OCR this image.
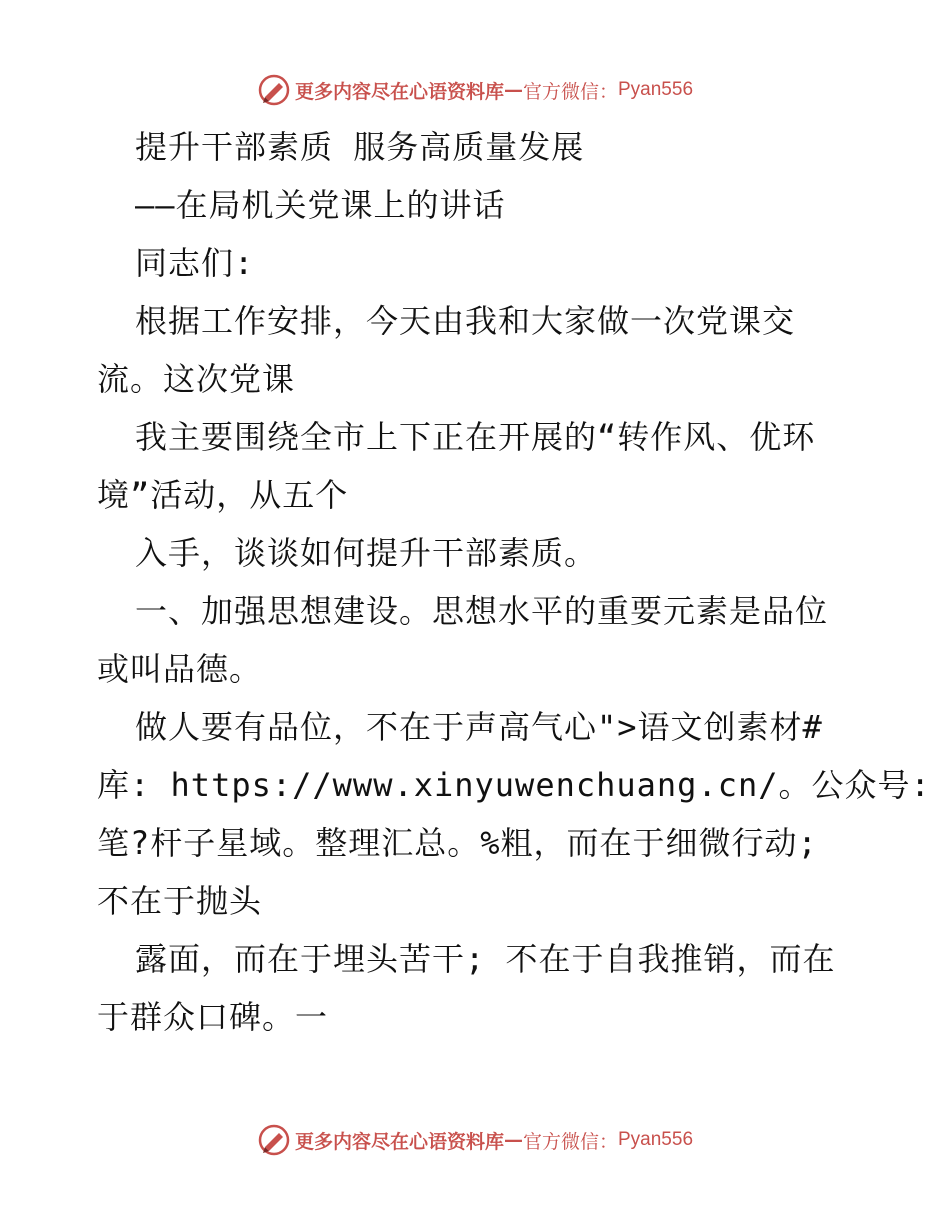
更多内容尽在心语资料库 — 官方微信： Pyan556
提升干部素质 服务高质量发展
——在局机关党课上的讲话
同志们:
根据工作安排，今天由我和大家做一次党课交
流。这次党课
我主要围绕全市上下正在开展的“转作风、优环
境”活动，从五个
入手，谈谈如何提升干部素质。
一、加强思想建设。思想水平的重要元素是品位
或叫品德。
做人要有品位，不在于声高气心">语文创素材#
库: https://www.xinyuwenchuang.cn/。公众号:
笔?杆子星域。整理汇总。%粗，而在于细微行动;
不在于抛头
露面，而在于埋头苦干; 不在于自我推销，而在
于群众口碑。一
更多内容尽在心语资料库 — 官方微信： Pyan556
